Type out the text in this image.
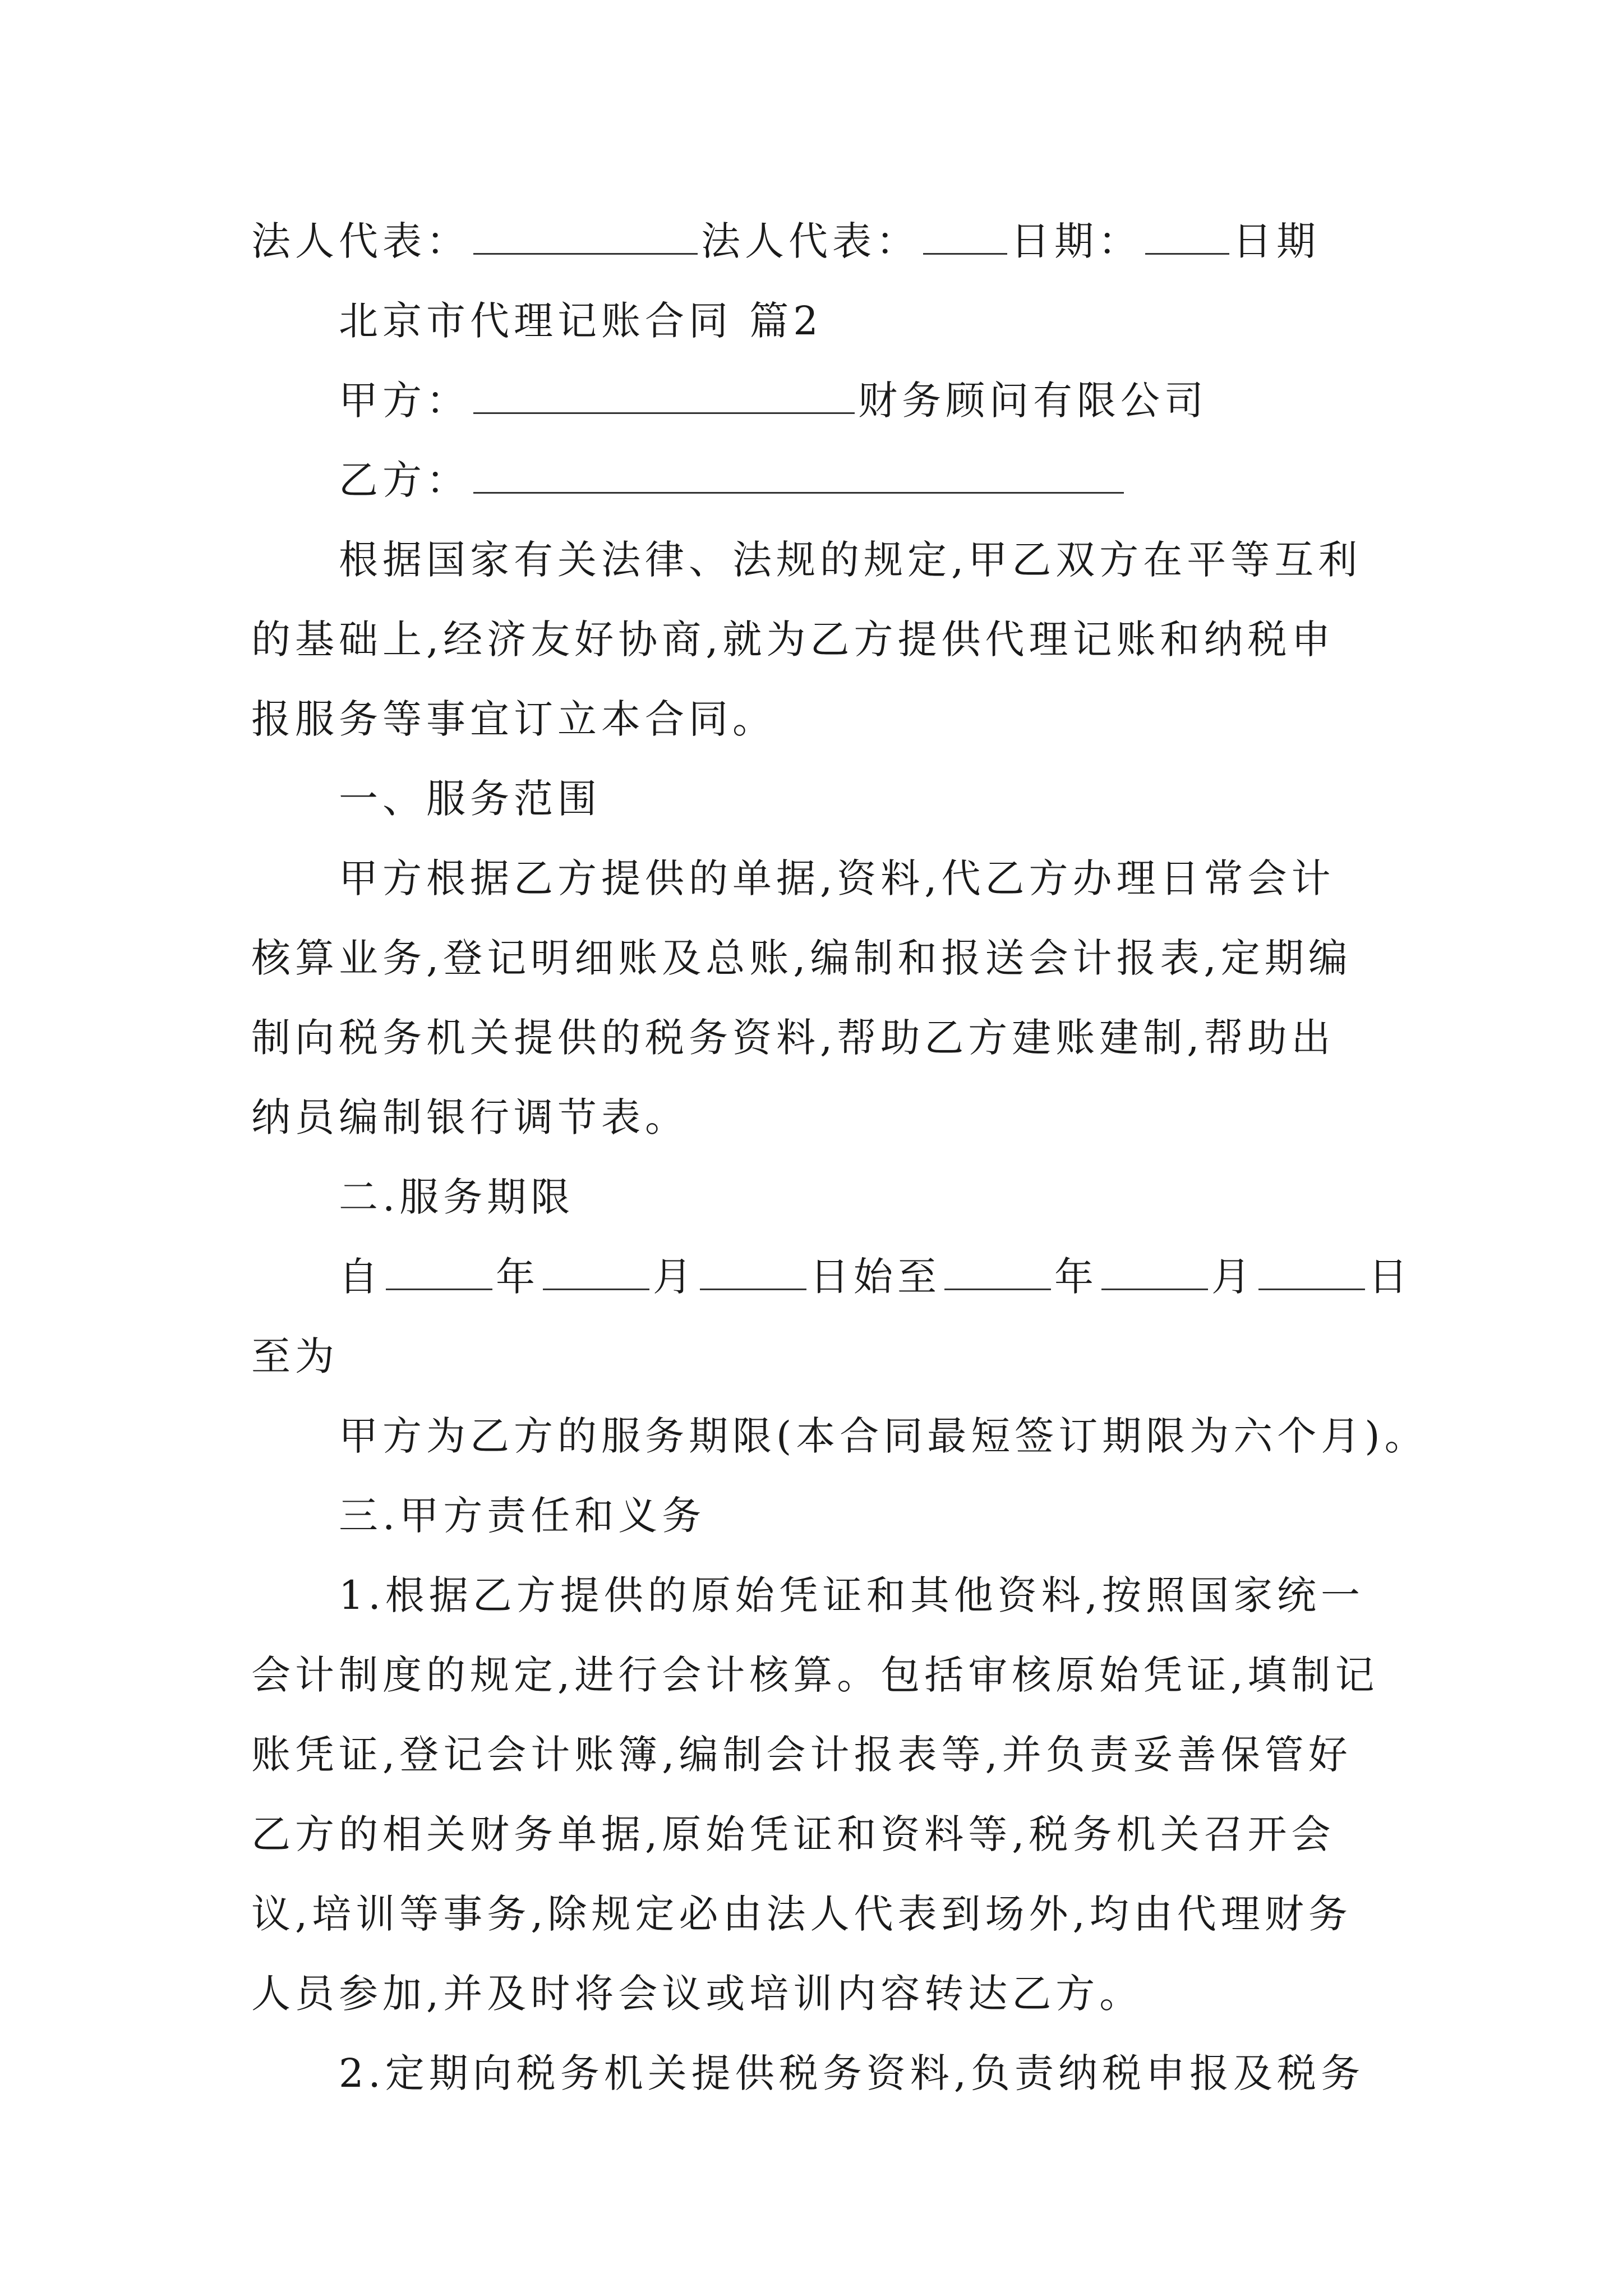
法人代表：	法人代表： 日期： 日期
北京市代理记账合同 篇2
甲方：	财务顾问有限公司
乙方：
根据国家有关法律、法规的规定,甲乙双方在平等互利
的基础上,经济友好协商,就为乙方提供代理记账和纳税申
报服务等事宜订立本合同。
一、服务范围
甲方根据乙方提供的单据,资料,代乙方办理日常会计
核算业务,登记明细账及总账,编制和报送会计报表,定期编
制向税务机关提供的税务资料,帮助乙方建账建制,帮助出
纳员编制银行调节表。
二.服务期限
自	年	月	日始至	年	月	日
至为
甲方为乙方的服务期限(本合同最短签订期限为六个月)。
三.甲方责任和义务
1.根据乙方提供的原始凭证和其他资料,按照国家统一
会计制度的规定,进行会计核算。包括审核原始凭证,填制记
账凭证,登记会计账簿,编制会计报表等,并负责妥善保管好
乙方的相关财务单据,原始凭证和资料等,税务机关召开会
议,培训等事务,除规定必由法人代表到场外,均由代理财务
人员参加,并及时将会议或培训内容转达乙方。
2.定期向税务机关提供税务资料,负责纳税申报及税务
